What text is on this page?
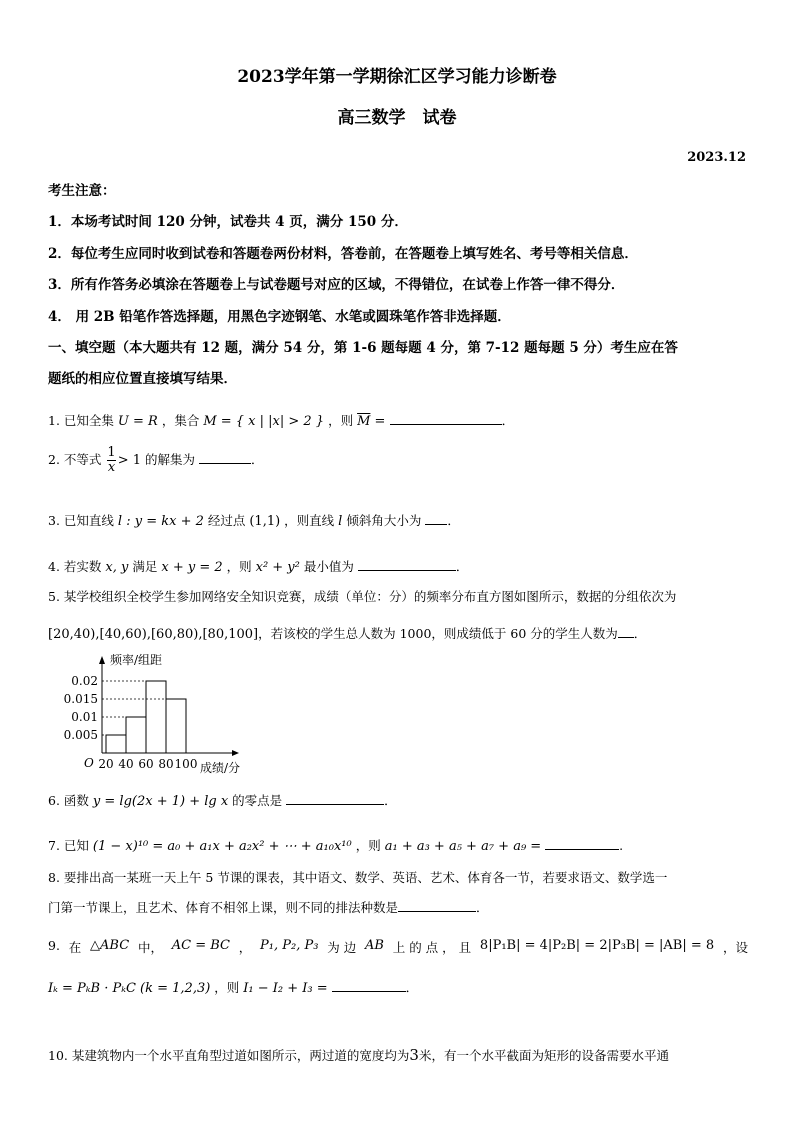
2023学年第一学期徐汇区学习能力诊断卷
高三数学　试卷
2023.12
考生注意：
1．本场考试时间 120 分钟，试卷共 4 页，满分 150 分．
2．每位考生应同时收到试卷和答题卷两份材料，答卷前，在答题卷上填写姓名、考号等相关信息．
3．所有作答务必填涂在答题卷上与试卷题号对应的区域，不得错位，在试卷上作答一律不得分．
4． 用 2B 铅笔作答选择题，用黑色字迹钢笔、水笔或圆珠笔作答非选择题．
一、填空题（本大题共有 12 题，满分 54 分，第 1-6 题每题 4 分，第 7-12 题每题 5 分）考生应在答
题纸的相应位置直接填写结果．
1. 已知全集 U = R ，集合 M = { x | |x| > 2 } ，则 $\overline{M}$ =	．
2. 不等式 $\frac{1}{x} > 1$ 的解集为	．
3. 已知直线 l : y = kx + 2 经过点 (1,1) ，则直线 l 倾斜角大小为 ．
4. 若实数 x, y 满足 x + y = 2 ，则 x² + y² 最小值为	．
5. 某学校组织全校学生参加网络安全知识竞赛，成绩（单位：分）的频率分布直方图如图所示，数据的分组依次为
[20,40),[40,60),[60,80),[80,100]，若该校的学生总人数为 1000，则成绩低于 60 分的学生人数为 ．
0.02
0.015
0.01
0.005
20 40 60 80 100
O
频率/组距
成绩/分
6. 函数 y = lg(2x + 1) + lg x 的零点是	．
7. 已知 (1 − x)¹⁰ = a₀ + a₁x + a₂x² + ⋯ + a₁₀x¹⁰ ，则 a₁ + a₃ + a₅ + a₇ + a₉ =	.
8. 要排出高一某班一天上午 5 节课的课表，其中语文、数学、英语、艺术、体育各一节，若要求语文、数学选一
门第一节课上，且艺术、体育不相邻上课，则不同的排法种数是	．
9. 在 △ABC 中， AC = BC ， P₁, P₂, P₃ 为 边 AB 上 的 点 ， 且 8|P₁B| = 4|P₂B| = 2|P₃B| = |AB| = 8 ，设
Iₖ = PₖB · PₖC (k = 1,2,3) ，则 I₁ − I₂ + I₃ =	．
10. 某建筑物内一个水平直角型过道如图所示，两过道的宽度均为3米，有一个水平截面为矩形的设备需要水平通
